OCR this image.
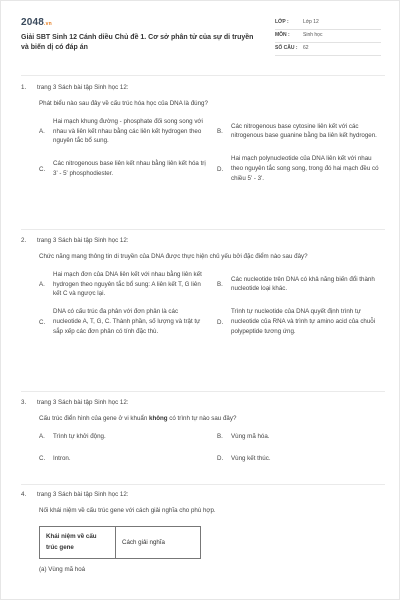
2048.vn
Giải SBT Sinh 12 Cánh diều Chủ đề 1. Cơ sở phân tử của sự di truyền và biến dị có đáp án
LỚP :	Lớp 12
MÔN :	Sinh học
SỐ CÂU :	62
1.	trang 3 Sách bài tập Sinh học 12:
Phát biểu nào sau đây về cấu trúc hóa học của DNA là đúng?
A.
Hai mạch khung đường - phosphate đối song song với nhau và liên kết nhau bằng các liên kết hydrogen theo nguyên tắc bổ sung.
B.
Các nitrogenous base cytosine liên kết với các nitrogenous base guanine bằng ba liên kết hydrogen.
C.
Các nitrogenous base liên kết nhau bằng liên kết hóa trị 3' - 5' phosphodiester.
D.
Hai mạch polynucleotide của DNA liên kết với nhau theo nguyên tắc song song, trong đó hai mạch đều có chiều 5' - 3'.
2.	trang 3 Sách bài tập Sinh học 12:
Chức năng mang thông tin di truyền của DNA được thực hiện chủ yếu bởi đặc điểm nào sau đây?
A.
Hai mạch đơn của DNA liên kết với nhau bằng liên kết hydrogen theo nguyên tắc bổ sung: A liên kết T, G liên kết C và ngược lại.
B.
Các nucleotide trên DNA có khả năng biến đổi thành nucleotide loại khác.
C.
DNA có cấu trúc đa phân với đơn phân là các nucleotide A, T, G, C. Thành phần, số lượng và trật tự sắp xếp các đơn phân có tính đặc thù.
D.
Trình tự nucleotide của DNA quyết định trình tự nucleotide của RNA và trình tự amino acid của chuỗi polypeptide tương ứng.
3.	trang 3 Sách bài tập Sinh học 12:
Cấu trúc điển hình của gene ở vi khuẩn không có trình tự nào sau đây?
A.	Trình tự khởi động.	B.	Vùng mã hóa.
C.	Intron.	D.	Vùng kết thúc.
4.	trang 3 Sách bài tập Sinh học 12:
Nối khái niệm về cấu trúc gene với cách giải nghĩa cho phù hợp.
Khái niệm về cấu trúc gene	Cách giải nghĩa
(a) Vùng mã hoá
